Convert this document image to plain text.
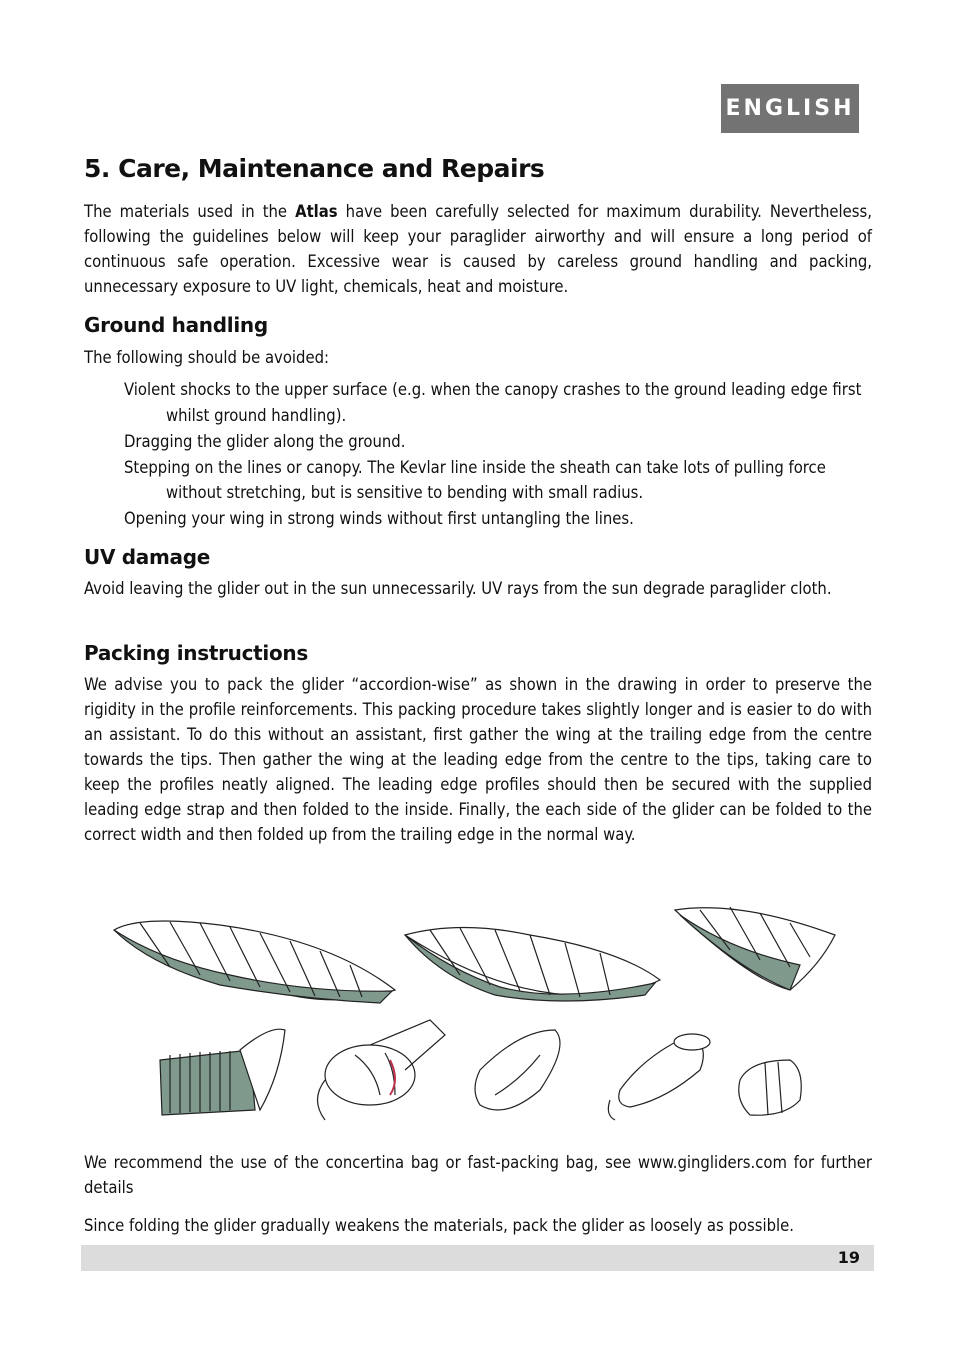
ENGLISH
5. Care, Maintenance and Repairs

The materials used in the Atlas have been carefully selected for maximum durability. Nevertheless, following the guidelines below will keep your paraglider airworthy and will ensure a long period of continuous safe operation. Excessive wear is caused by careless ground handling and packing, unnecessary exposure to UV light, chemicals, heat and moisture.

Ground handling

The following should be avoided:

Violent shocks to the upper surface (e.g. when the canopy crashes to the ground leading edge first whilst ground handling).
Dragging the glider along the ground.
Stepping on the lines or canopy. The Kevlar line inside the sheath can take lots of pulling force without stretching, but is sensitive to bending with small radius.
Opening your wing in strong winds without first untangling the lines.
UV damage

Avoid leaving the glider out in the sun unnecessarily. UV rays from the sun degrade paraglider cloth.

Packing instructions

We advise you to pack the glider “accordion-wise” as shown in the drawing in order to preserve the rigidity in the profile reinforcements. This packing procedure takes slightly longer and is easier to do with an assistant. To do this without an assistant, first gather the wing at the trailing edge from the centre towards the tips. Then gather the wing at the leading edge from the centre to the tips, taking care to keep the profiles neatly aligned. The leading edge profiles should then be secured with the supplied leading edge strap and then folded to the inside. Finally, the each side of the glider can be folded to the correct width and then folded up from the trailing edge in the normal way.

We recommend the use of the concertina bag or fast-packing bag, see www.gingliders.com for further details

Since folding the glider gradually weakens the materials, pack the glider as loosely as possible.

19
